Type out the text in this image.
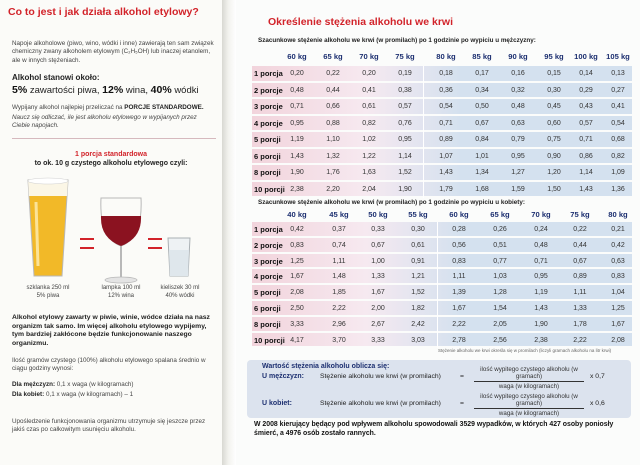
Co to jest i jak działa alkohol etylowy?
Napoje alkoholowe (piwo, wino, wódki i inne) zawierają ten sam związek chemiczny zwany alkoholem etylowym (C₂H₅OH) lub inaczej etanolem, ale w innych stężeniach.
Alkohol stanowi około:
5% zawartości piwa, 12% wina, 40% wódki
Wypijany alkohol najlepiej przeliczać na PORCJE STANDARDOWE.
Naucz się odliczać, ile jest alkoholu etylowego w wypijanych przez Ciebie napojach.
1 porcja standardowa
to ok. 10 g czystego alkoholu etylowego czyli:
szklanka 250 ml
5% piwa
lampka 100 ml
12% wina
kieliszek 30 ml
40% wódki
Alkohol etylowy zawarty w piwie, winie, wódce działa na nasz organizm tak samo. Im więcej alkoholu etylowego wypijemy, tym bardziej zakłócone będzie funkcjonowanie naszego organizmu.
Ilość gramów czystego (100%) alkoholu etylowego spalana średnio w ciągu godziny wynosi:
Dla mężczyzn: 0,1 x waga (w kilogramach)
Dla kobiet: 0,1 x waga (w kilogramach) – 1
Upośledzenie funkcjonowania organizmu utrzymuje się jeszcze przez jakiś czas po całkowitym usunięciu alkoholu.
Określenie stężenia alkoholu we krwi
Szacunkowe stężenie alkoholu we krwi (w promilach) po 1 godzinie po wypiciu u mężczyzny:
Szacunkowe stężenie alkoholu we krwi (w promilach) po 1 godzinie po wypiciu u kobiety:
Stężenie alkoholu we krwi określa się w promilach (liczyli gramach alkoholu na litr krwi)
Wartość stężenia alkoholu oblicza się:
U mężczyzn: Stężenie alkoholu we krwi (w promilach)	=
ilość wypitego czystego alkoholu (w gramach)
waga (w kilogramach)
x 0,7
U kobiet:	Stężenie alkoholu we krwi (w promilach)	=
ilość wypitego czystego alkoholu (w gramach)
waga (w kilogramach)
x 0,6
W 2008 kierujący będący pod wpływem alkoholu spowodowali 3529 wypadków, w których 427 osoby poniosły śmierć, a 4976 osób zostało rannych.
60 kg	65 kg	70 kg	75 kg	80 kg	85 kg	90 kg	95 kg	100 kg	105 kg
1 porcja	0,20	0,22	0,20	0,19	0,18	0,17	0,16	0,15	0,14	0,13
2 porcje	0,48	0,44	0,41	0,38	0,36	0,34	0,32	0,30	0,29	0,27
3 porcje	0,71	0,66	0,61	0,57	0,54	0,50	0,48	0,45	0,43	0,41
4 porcje	0,95	0,88	0,82	0,76	0,71	0,67	0,63	0,60	0,57	0,54
5 porcji	1,19	1,10	1,02	0,95	0,89	0,84	0,79	0,75	0,71	0,68
6 porcji	1,43	1,32	1,22	1,14	1,07	1,01	0,95	0,90	0,86	0,82
8 porcji	1,90	1,76	1,63	1,52	1,43	1,34	1,27	1,20	1,14	1,09
10 porcji 2,38	2,20	2,04	1,90	1,79	1,68	1,59	1,50	1,43	1,36
40 kg	45 kg	50 kg	55 kg	60 kg	65 kg	70 kg	75 kg	80 kg
1 porcja	0,42	0,37	0,33	0,30	0,28	0,26	0,24	0,22	0,21
2 porcje	0,83	0,74	0,67	0,61	0,56	0,51	0,48	0,44	0,42
3 porcje	1,25	1,11	1,00	0,91	0,83	0,77	0,71	0,67	0,63
4 porcje	1,67	1,48	1,33	1,21	1,11	1,03	0,95	0,89	0,83
5 porcji	2,08	1,85	1,67	1,52	1,39	1,28	1,19	1,11	1,04
6 porcji	2,50	2,22	2,00	1,82	1,67	1,54	1,43	1,33	1,25
8 porcji	3,33	2,96	2,67	2,42	2,22	2,05	1,90	1,78	1,67
10 porcji 4,17	3,70	3,33	3,03	2,78	2,56	2,38	2,22	2,08
